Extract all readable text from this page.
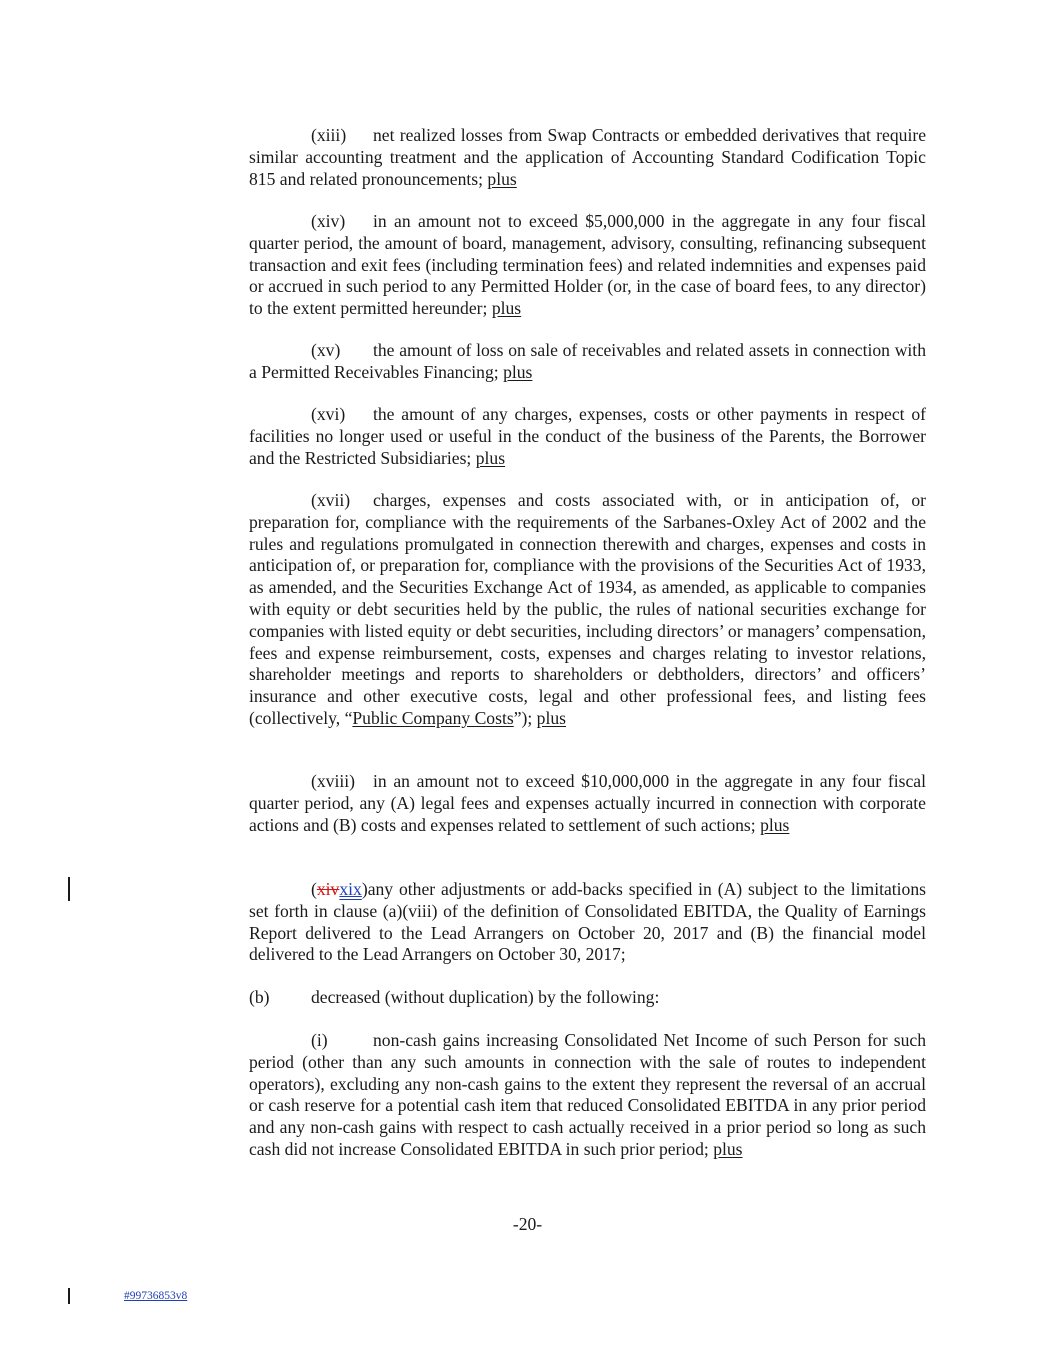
(xiii) net realized losses from Swap Contracts or embedded derivatives that require similar accounting treatment and the application of Accounting Standard Codification Topic 815 and related pronouncements; plus
(xiv) in an amount not to exceed $5,000,000 in the aggregate in any four fiscal quarter period, the amount of board, management, advisory, consulting, refinancing subsequent transaction and exit fees (including termination fees) and related indemnities and expenses paid or accrued in such period to any Permitted Holder (or, in the case of board fees, to any director) to the extent permitted hereunder; plus
(xv) the amount of loss on sale of receivables and related assets in connection with a Permitted Receivables Financing; plus
(xvi) the amount of any charges, expenses, costs or other payments in respect of facilities no longer used or useful in the conduct of the business of the Parents, the Borrower and the Restricted Subsidiaries; plus
(xvii) charges, expenses and costs associated with, or in anticipation of, or preparation for, compliance with the requirements of the Sarbanes-Oxley Act of 2002 and the rules and regulations promulgated in connection therewith and charges, expenses and costs in anticipation of, or preparation for, compliance with the provisions of the Securities Act of 1933, as amended, and the Securities Exchange Act of 1934, as amended, as applicable to companies with equity or debt securities held by the public, the rules of national securities exchange for companies with listed equity or debt securities, including directors’ or managers’ compensation, fees and expense reimbursement, costs, expenses and charges relating to investor relations, shareholder meetings and reports to shareholders or debtholders, directors’ and officers’ insurance and other executive costs, legal and other professional fees, and listing fees (collectively, “Public Company Costs”); plus
(xviii) in an amount not to exceed $10,000,000 in the aggregate in any four fiscal quarter period, any (A) legal fees and expenses actually incurred in connection with corporate actions and (B) costs and expenses related to settlement of such actions; plus
(xivxix)any other adjustments or add-backs specified in (A) subject to the limitations set forth in clause (a)(viii) of the definition of Consolidated EBITDA, the Quality of Earnings Report delivered to the Lead Arrangers on October 20, 2017 and (B) the financial model delivered to the Lead Arrangers on October 30, 2017;
(b) decreased (without duplication) by the following:
(i)	non-cash gains increasing Consolidated Net Income of such Person for such period (other than any such amounts in connection with the sale of routes to independent operators), excluding any non-cash gains to the extent they represent the reversal of an accrual or cash reserve for a potential cash item that reduced Consolidated EBITDA in any prior period and any non-cash gains with respect to cash actually received in a prior period so long as such cash did not increase Consolidated EBITDA in such prior period; plus
-20-
#99736853v8
